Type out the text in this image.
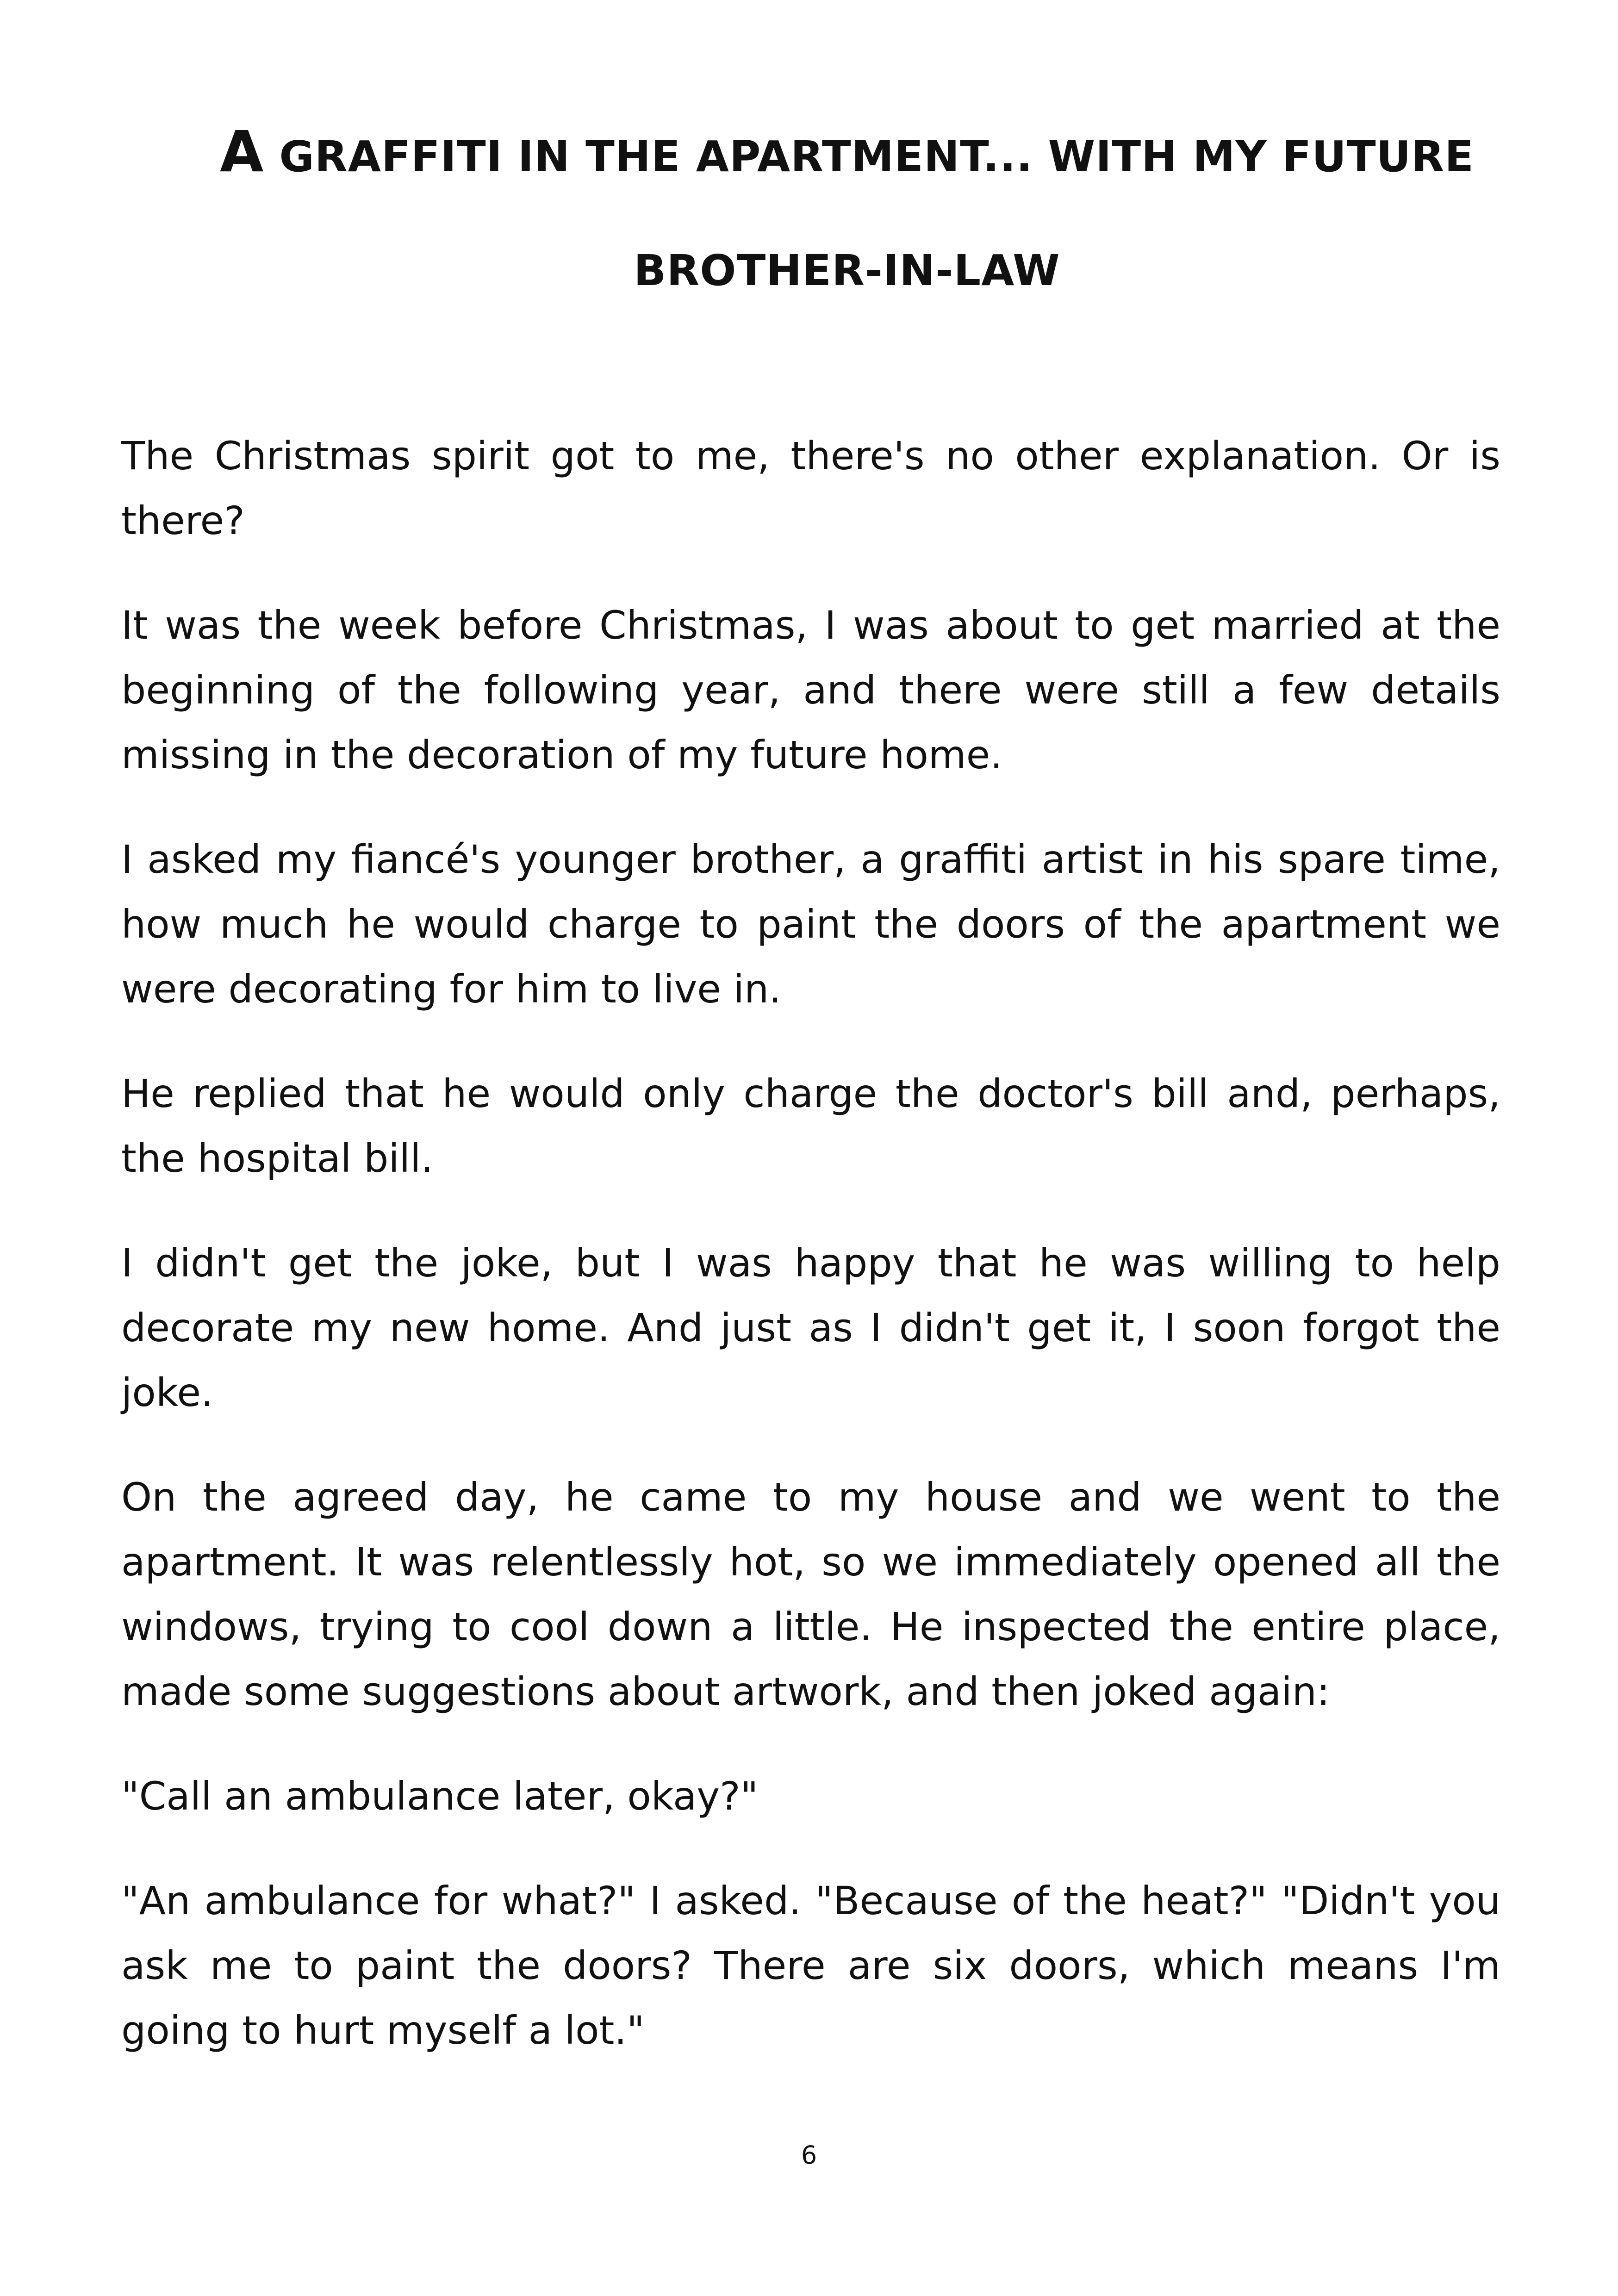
A GRAFFITI IN THE APARTMENT... WITH MY FUTURE
BROTHER-IN-LAW

The Christmas spirit got to me, there's no other explanation. Or is there?

It was the week before Christmas, I was about to get married at the beginning of the following year, and there were still a few details missing in the decoration of my future home.

I asked my fiancé's younger brother, a graffiti artist in his spare time, how much he would charge to paint the doors of the apartment we were decorating for him to live in.

He replied that he would only charge the doctor's bill and, perhaps, the hospital bill.

I didn't get the joke, but I was happy that he was willing to help decorate my new home. And just as I didn't get it, I soon forgot the joke.

On the agreed day, he came to my house and we went to the apartment. It was relentlessly hot, so we immediately opened all the windows, trying to cool down a little. He inspected the entire place, made some suggestions about artwork, and then joked again:

"Call an ambulance later, okay?"

"An ambulance for what?" I asked. "Because of the heat?" "Didn't you ask me to paint the doors? There are six doors, which means I'm going to hurt myself a lot."

6
